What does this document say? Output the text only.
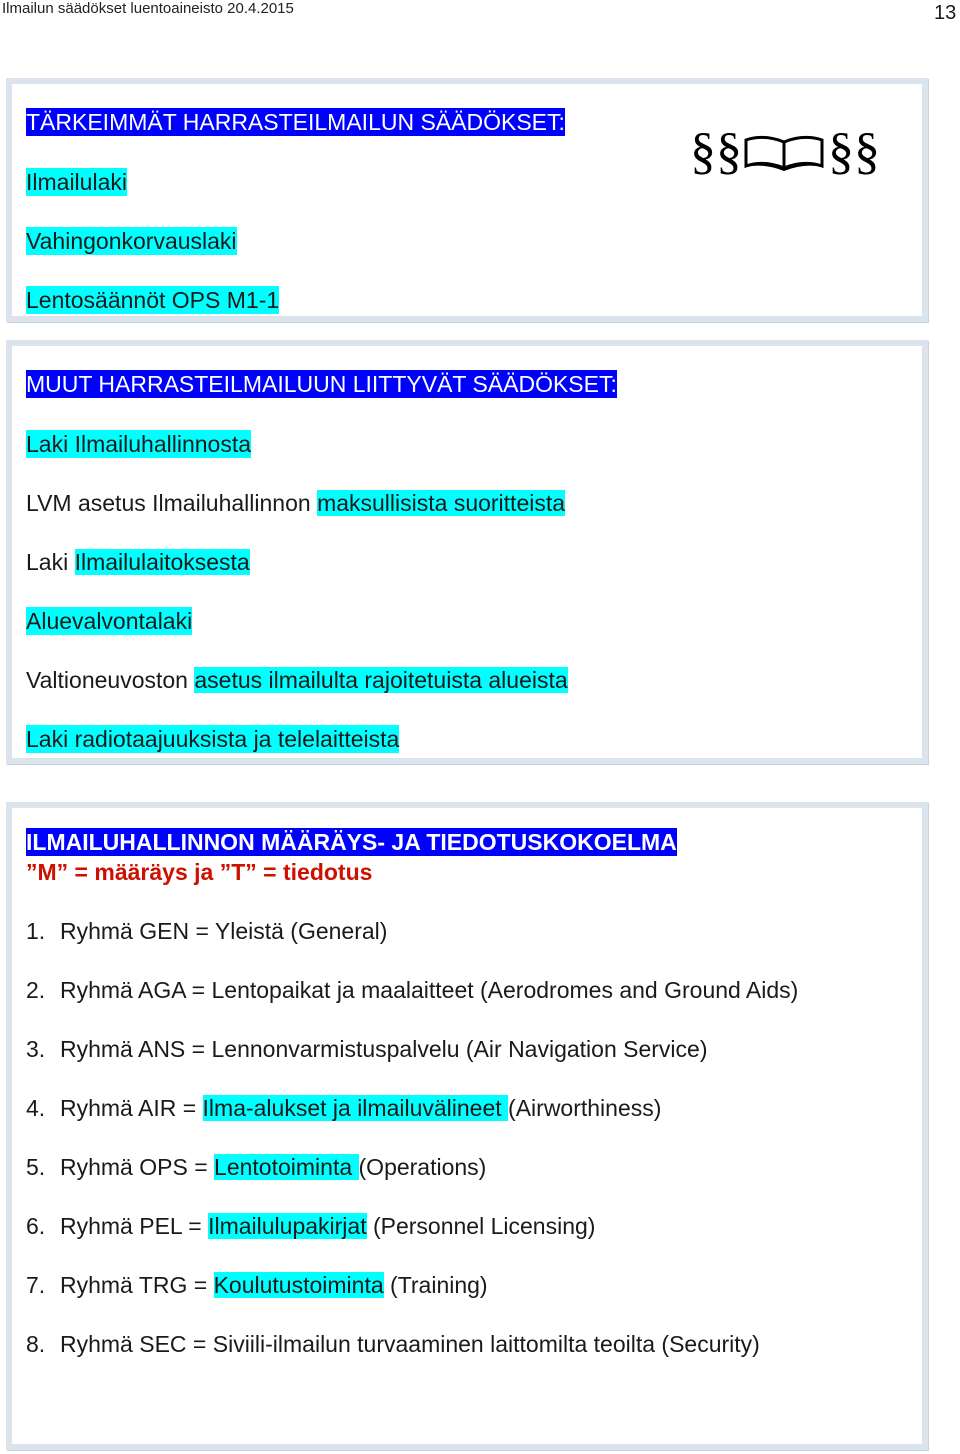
Ilmailun säädökset luentoaineisto 20.4.2015	13
TÄRKEIMMÄT HARRASTEILMAILUN SÄÄDÖKSET:
Ilmailulaki
Vahingonkorvauslaki
Lentosäännöt OPS M1-1
§§ §§
MUUT HARRASTEILMAILUUN LIITTYVÄT SÄÄDÖKSET:
Laki Ilmailuhallinnosta
LVM asetus Ilmailuhallinnon maksullisista suoritteista
Laki Ilmailulaitoksesta
Aluevalvontalaki
Valtioneuvoston asetus ilmailulta rajoitetuista alueista
Laki radiotaajuuksista ja telelaitteista
ILMAILUHALLINNON MÄÄRÄYS- JA TIEDOTUSKOKOELMA
”M” = määräys ja ”T” = tiedotus
1. Ryhmä GEN = Yleistä (General)
2. Ryhmä AGA = Lentopaikat ja maalaitteet (Aerodromes and Ground Aids)
3. Ryhmä ANS = Lennonvarmistuspalvelu (Air Navigation Service)
4. Ryhmä AIR = Ilma-alukset ja ilmailuvälineet (Airworthiness)
5. Ryhmä OPS = Lentotoiminta (Operations)
6. Ryhmä PEL = Ilmailulupakirjat (Personnel Licensing)
7. Ryhmä TRG = Koulutustoiminta (Training)
8. Ryhmä SEC = Siviili-ilmailun turvaaminen laittomilta teoilta (Security)
